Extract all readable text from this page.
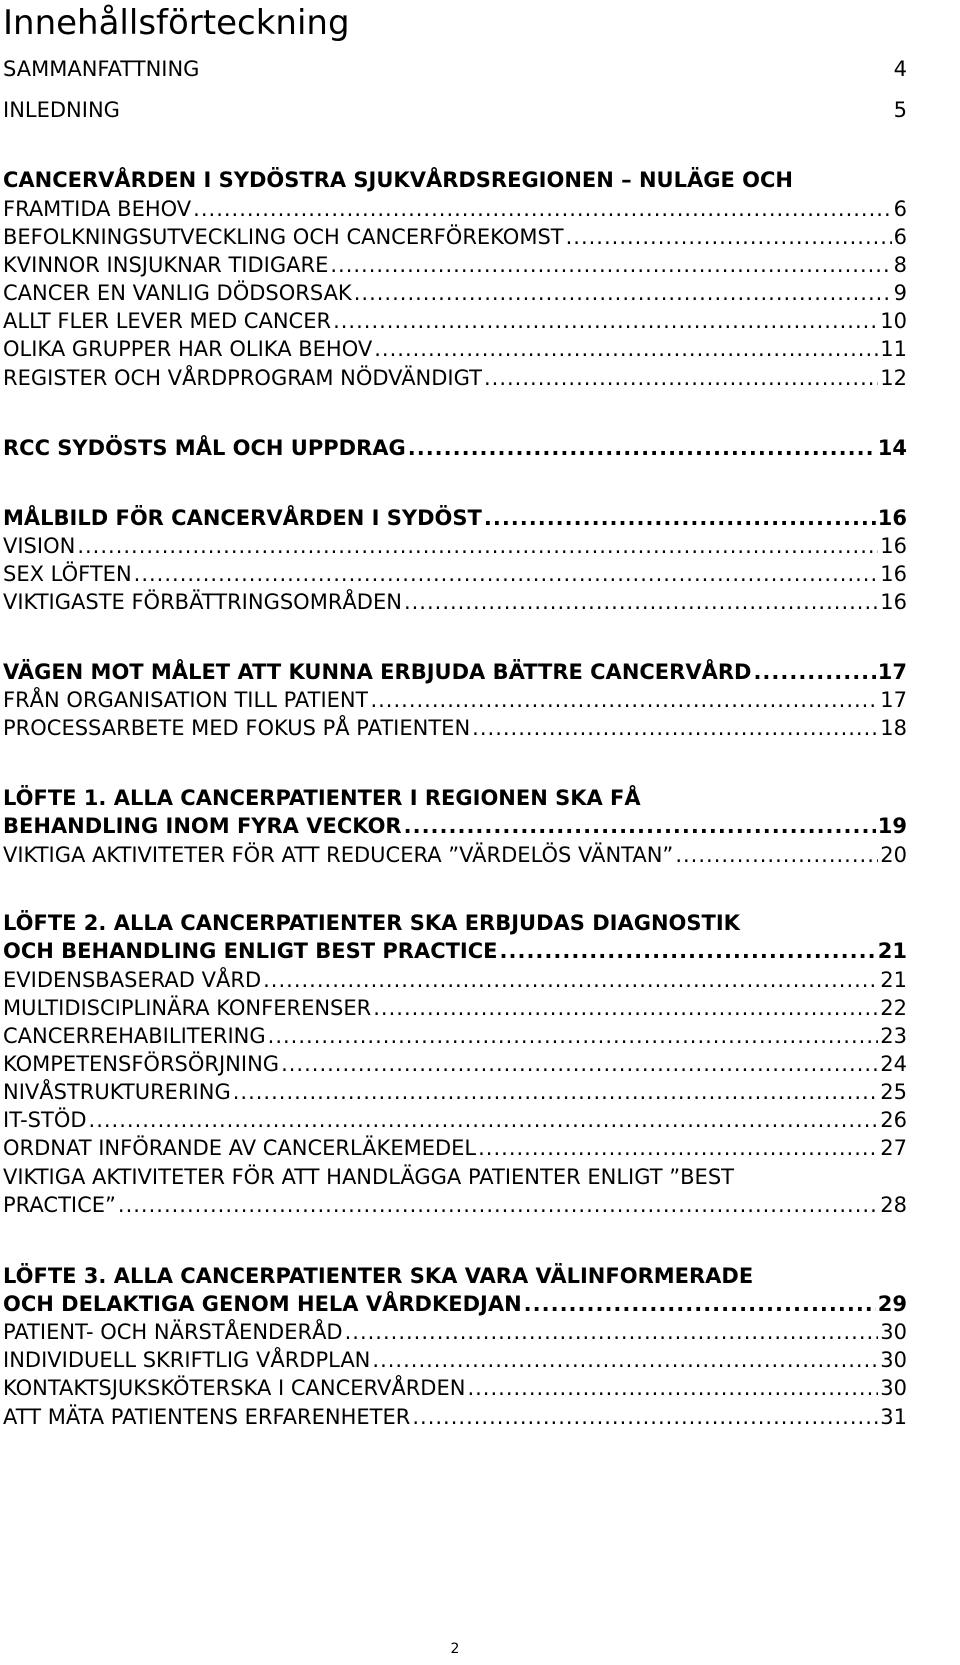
Innehållsförteckning
SAMMANFATTNING	4
INLEDNING	5
CANCERVÅRDEN I SYDÖSTRA SJUKVÅRDSREGIONEN – NULÄGE OCH
FRAMTIDA BEHOV .....	6
BEFOLKNINGSUTVECKLING OCH CANCERFÖREKOMST .....	6
KVINNOR INSJUKNAR TIDIGARE .....	8
CANCER EN VANLIG DÖDSORSAK .....	9
ALLT FLER LEVER MED CANCER .....	10
OLIKA GRUPPER HAR OLIKA BEHOV .....	11
REGISTER OCH VÅRDPROGRAM NÖDVÄNDIGT .....	12
RCC SYDÖSTS MÅL OCH UPPDRAG .....	14
MÅLBILD FÖR CANCERVÅRDEN I SYDÖST .....	16
VISION .....	16
SEX LÖFTEN .....	16
VIKTIGASTE FÖRBÄTTRINGSOMRÅDEN .....	16
VÄGEN MOT MÅLET ATT KUNNA ERBJUDA BÄTTRE CANCERVÅRD .....	17
FRÅN ORGANISATION TILL PATIENT .....	17
PROCESSARBETE MED FOKUS PÅ PATIENTEN .....	18
LÖFTE 1. ALLA CANCERPATIENTER I REGIONEN SKA FÅ
BEHANDLING INOM FYRA VECKOR .....	19
VIKTIGA AKTIVITETER FÖR ATT REDUCERA ”VÄRDELÖS VÄNTAN” .....	20
LÖFTE 2. ALLA CANCERPATIENTER SKA ERBJUDAS DIAGNOSTIK
OCH BEHANDLING ENLIGT BEST PRACTICE .....	21
EVIDENSBASERAD VÅRD .....	21
MULTIDISCIPLINÄRA KONFERENSER .....	22
CANCERREHABILITERING .....	23
KOMPETENSFÖRSÖRJNING .....	24
NIVÅSTRUKTURERING .....	25
IT-STÖD .....	26
ORDNAT INFÖRANDE AV CANCERLÄKEMEDEL .....	27
VIKTIGA AKTIVITETER FÖR ATT HANDLÄGGA PATIENTER ENLIGT ”BEST
PRACTICE” .....	28
LÖFTE 3. ALLA CANCERPATIENTER SKA VARA VÄLINFORMERADE
OCH DELAKTIGA GENOM HELA VÅRDKEDJAN .....	29
PATIENT- OCH NÄRSTÅENDERÅD .....	30
INDIVIDUELL SKRIFTLIG VÅRDPLAN .....	30
KONTAKTSJUKSKÖTERSKA I CANCERVÅRDEN .....	30
ATT MÄTA PATIENTENS ERFARENHETER .....	31
2
